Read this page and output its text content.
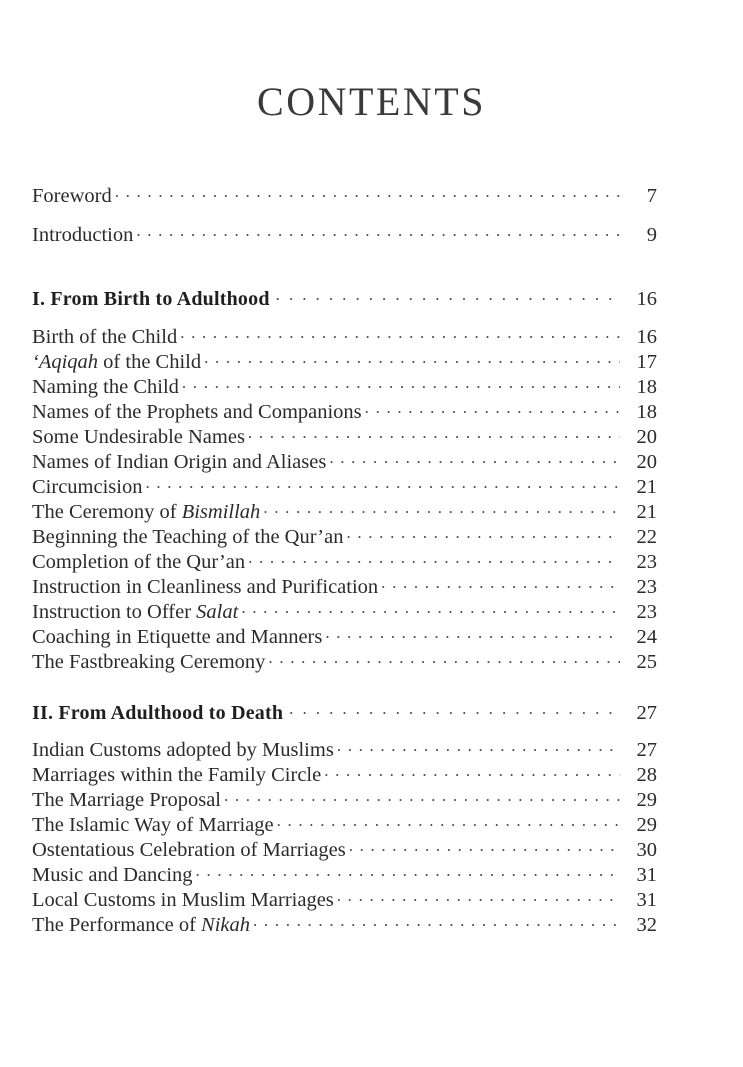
CONTENTS
Foreword . . .	7
Introduction . . .	9
I. From Birth to Adulthood . . .	16
Birth of the Child . . .	16
‘Aqiqah of the Child . . .	17
Naming the Child . . .	18
Names of the Prophets and Companions . . .	18
Some Undesirable Names . . .	20
Names of Indian Origin and Aliases . . .	20
Circumcision . . .	21
The Ceremony of Bismillah . . .	21
Beginning the Teaching of the Qur’an . . .	22
Completion of the Qur’an . . .	23
Instruction in Cleanliness and Purification . . .	23
Instruction to Offer Salat . . .	23
Coaching in Etiquette and Manners . . .	24
The Fastbreaking Ceremony . . .	25
II. From Adulthood to Death . . .	27
Indian Customs adopted by Muslims . . .	27
Marriages within the Family Circle . . .	28
The Marriage Proposal . . .	29
The Islamic Way of Marriage . . .	29
Ostentatious Celebration of Marriages . . .	30
Music and Dancing . . .	31
Local Customs in Muslim Marriages . . .	31
The Performance of Nikah . . .	32
